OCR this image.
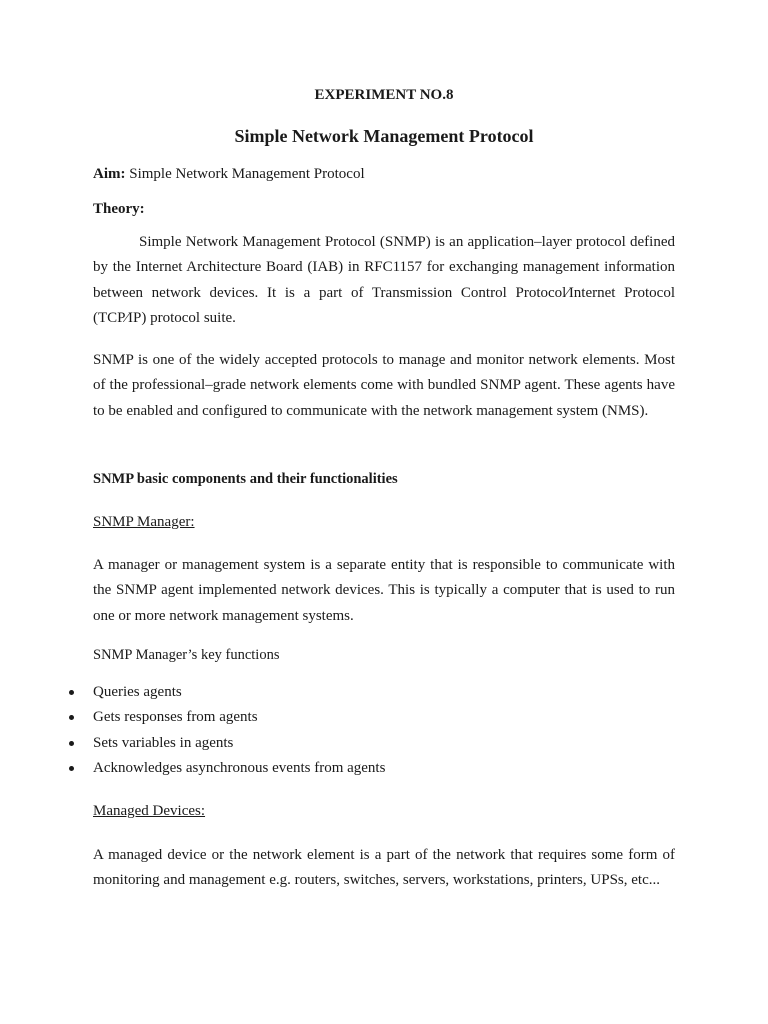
EXPERIMENT NO.8
Simple Network Management Protocol
Aim: Simple Network Management Protocol
Theory:
Simple Network Management Protocol (SNMP) is an application–layer protocol defined by the Internet Architecture Board (IAB) in RFC1157 for exchanging management information between network devices. It is a part of Transmission Control Protocol⁄Internet Protocol (TCP⁄IP) protocol suite.
SNMP is one of the widely accepted protocols to manage and monitor network elements. Most of the professional–grade network elements come with bundled SNMP agent. These agents have to be enabled and configured to communicate with the network management system (NMS).
SNMP basic components and their functionalities
SNMP Manager:
A manager or management system is a separate entity that is responsible to communicate with the SNMP agent implemented network devices. This is typically a computer that is used to run one or more network management systems.
SNMP Manager’s key functions
Queries agents
Gets responses from agents
Sets variables in agents
Acknowledges asynchronous events from agents
Managed Devices:
A managed device or the network element is a part of the network that requires some form of monitoring and management e.g. routers, switches, servers, workstations, printers, UPSs, etc...
